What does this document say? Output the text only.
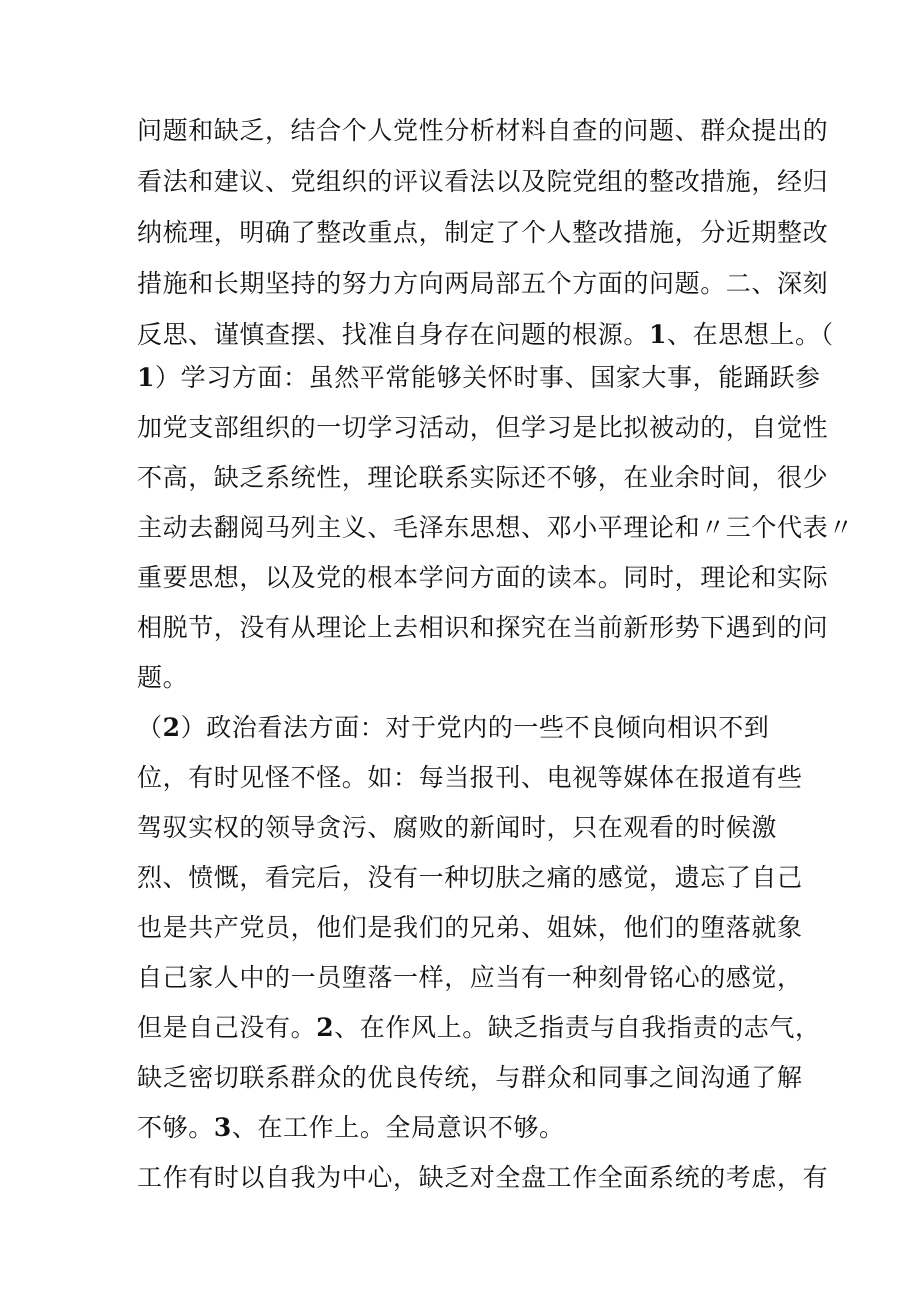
问题和缺乏，结合个人党性分析材料自查的问题、群众提出的
看法和建议、党组织的评议看法以及院党组的整改措施，经归
纳梳理，明确了整改重点，制定了个人整改措施，分近期整改
措施和长期坚持的努力方向两局部五个方面的问题。二、深刻
反思、谨慎查摆、找准自身存在问题的根源。1、在思想上。（
1）学习方面：虽然平常能够关怀时事、国家大事，能踊跃参
加党支部组织的一切学习活动，但学习是比拟被动的，自觉性
不高，缺乏系统性，理论联系实际还不够，在业余时间，很少
主动去翻阅马列主义、毛泽东思想、邓小平理论和〃三个代表〃
重要思想，以及党的根本学问方面的读本。同时，理论和实际
相脱节，没有从理论上去相识和探究在当前新形势下遇到的问
题。
（2）政治看法方面：对于党内的一些不良倾向相识不到
位，有时见怪不怪。如：每当报刊、电视等媒体在报道有些
驾驭实权的领导贪污、腐败的新闻时，只在观看的时候激
烈、愤慨，看完后，没有一种切肤之痛的感觉，遗忘了自己
也是共产党员，他们是我们的兄弟、姐妹，他们的堕落就象
自己家人中的一员堕落一样，应当有一种刻骨铭心的感觉，
但是自己没有。2、在作风上。缺乏指责与自我指责的志气，
缺乏密切联系群众的优良传统，与群众和同事之间沟通了解
不够。3、在工作上。全局意识不够。
工作有时以自我为中心，缺乏对全盘工作全面系统的考虑，有
